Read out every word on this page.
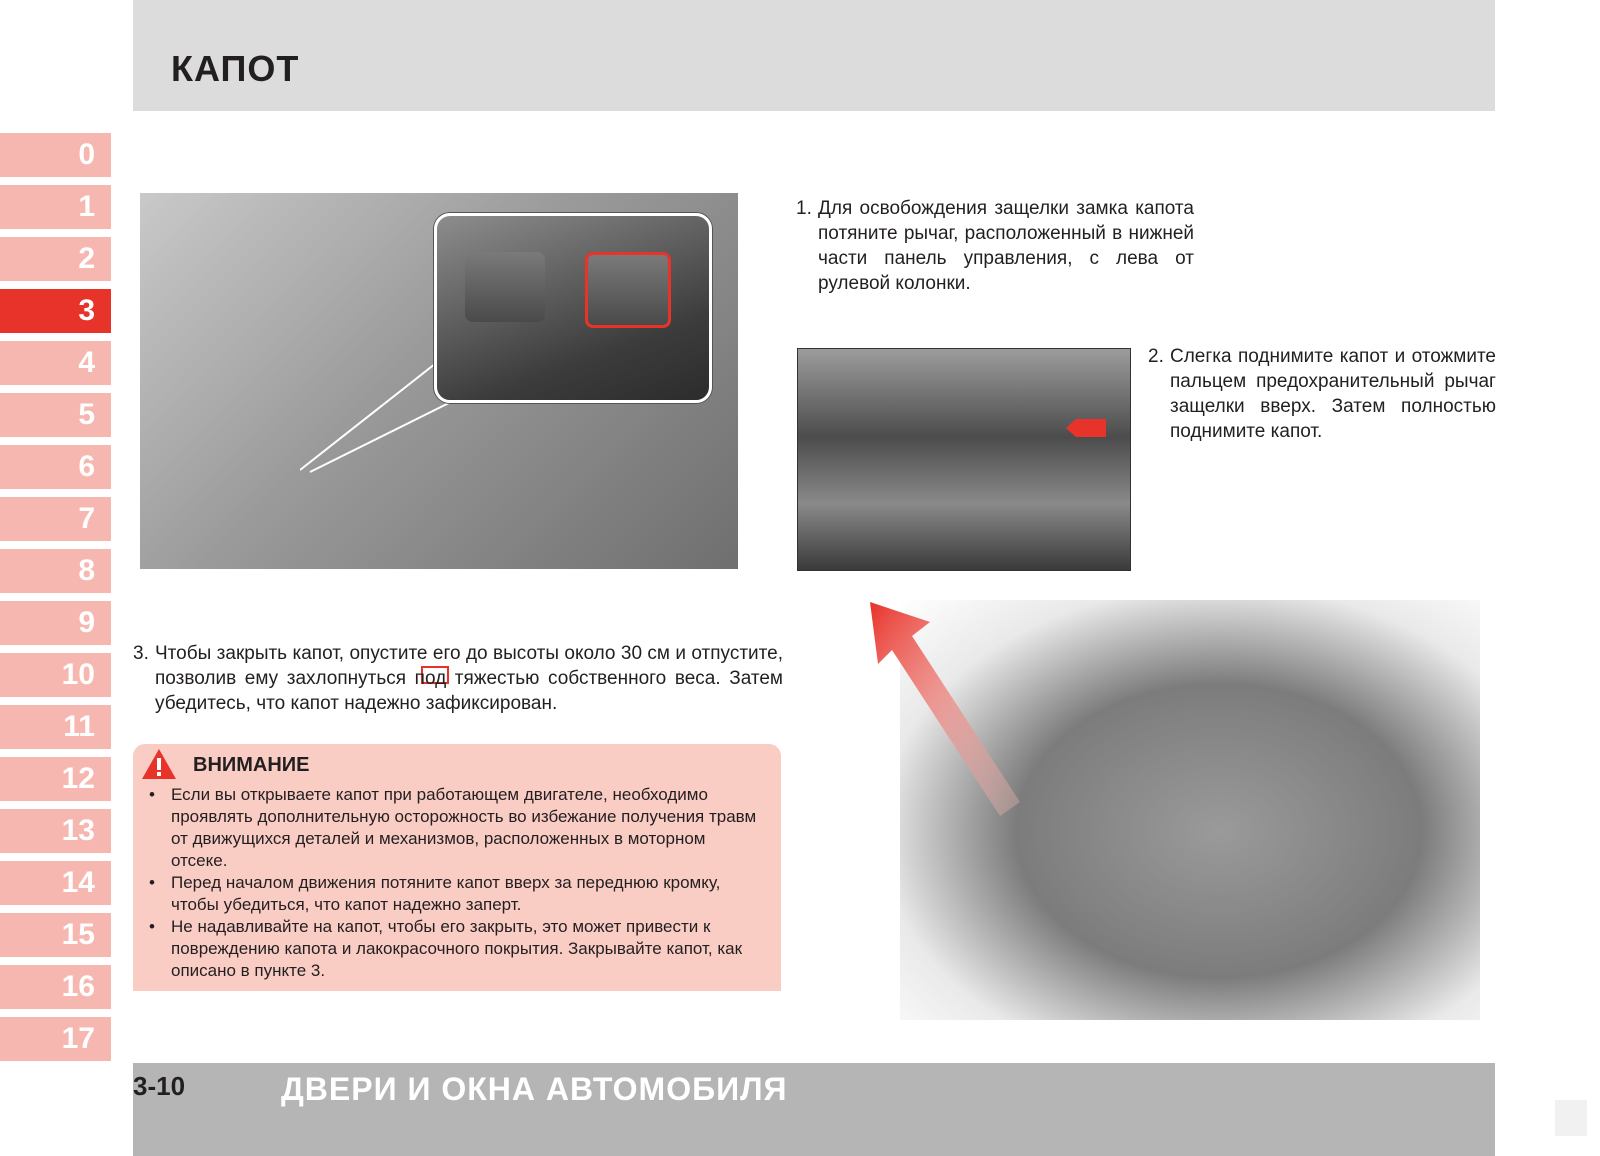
КАПОТ
0
1
2
3
4
5
6
7
8
9
10
11
12
13
14
15
16
17
1. Для освобождения защелки замка капота потяните рычаг, расположенный в нижней части панель управления, с лева от рулевой колонки.
2. Слегка поднимите капот и отожмите пальцем предохранительный рычаг защелки вверх. Затем полностью поднимите капот.
3. Чтобы закрыть капот, опустите его до высоты около 30 см и отпустите, позволив ему захлопнуться под тяжестью собственного веса. Затем убедитесь, что капот надежно зафиксирован.
ВНИМАНИЕ
• Если вы открываете капот при работающем двигателе, необходимо проявлять дополнительную осторожность во избежание получения травм от движущихся деталей и механизмов, расположенных в моторном отсеке.
• Перед началом движения потяните капот вверх за переднюю кромку, чтобы убедиться, что капот надежно заперт.
• Не надавливайте на капот, чтобы его закрыть, это может привести к повреждению капота и лакокрасочного покрытия. Закрывайте капот, как описано в пункте 3.
3-10	ДВЕРИ И ОКНА АВТОМОБИЛЯ
